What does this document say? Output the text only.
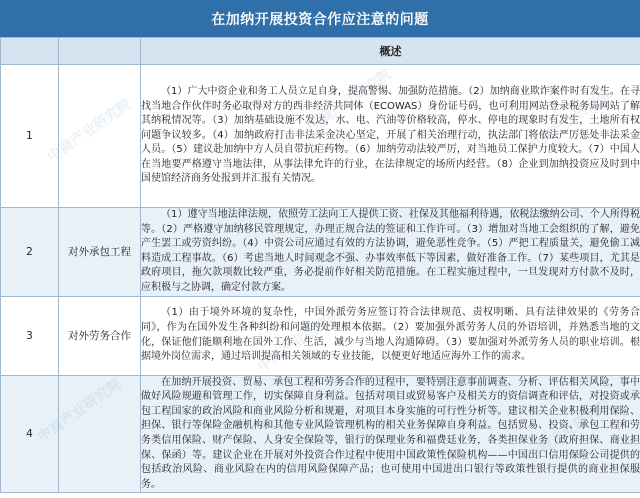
在加纳开展投资合作应注意的问题
		概述
1		（1）广大中资企业和务工人员立足自身，提高警惕、加强防范措施。（2）加纳商业欺诈案件时有发生。在寻找当地合作伙伴时务必取得对方的西非经济共同体（ECOWAS）身份证号码，也可利用网站登录税务局网站了解其纳税情况等。（3）加纳基础设施不发达，水、电、汽油等价格较高，停水、停电的现象时有发生，土地所有权问题争议较多。（4）加纳政府打击非法采金决心坚定，开展了相关治理行动，执法部门将依法严厉惩处非法采金人员。（5）建议赴加纳中方人员自带抗疟药物。（6）加纳劳动法较严厉，对当地员工保护力度较大。（7）中国人在当地要严格遵守当地法律，从事法律允许的行业，在法律规定的场所内经营。（8）企业到加纳投资应及时到中国使馆经济商务处报到并汇报有关情况。
2	对外承包工程	（1）遵守当地法律法规，依照劳工法向工人提供工资、社保及其他福利待遇，依税法缴纳公司、个人所得税等。（2）严格遵守加纳移民管理规定，办理正规合法的签证和工作许可。（3）增加对当地工会组织的了解，避免产生罢工或劳资纠纷。（4）中资公司应通过有效的方法协调，避免恶性竞争。（5）严把工程质量关，避免偷工减料造成工程事故。（6）考虑当地人时间观念不强、办事效率低下等因素，做好准备工作。（7）某些项目，尤其是政府项目，拖欠款项数比较严重，务必提前作好相关防范措施。在工程实施过程中，一旦发现对方付款不及时，应积极与之协调，确定付款方案。
3	对外劳务合作	（1）由于境外环境的复杂性，中国外派劳务应签订符合法律规范、责权明晰、具有法律效果的《劳务合同》，作为在国外发生各种纠纷和问题的处理根本依据。（2）要加强外派劳务人员的外语培训，并熟悉当地的文化，保证他们能顺利地在国外工作、生活，减少与当地人沟通障碍。（3）要加强对外派劳务人员的职业培训。根据境外岗位需求，通过培训提高相关领域的专业技能，以便更好地适应海外工作的需求。
4		在加纳开展投资、贸易、承包工程和劳务合作的过程中，要特别注意事前调查、分析、评估相关风险，事中做好风险规避和管理工作，切实保障自身利益。包括对项目或贸易客户及相关方的资信调查和评估，对投资或承包工程国家的政治风险和商业风险分析和规避，对项目本身实施的可行性分析等。建议相关企业积极利用保险、担保、银行等保险金融机构和其他专业风险管理机构的相关业务保障自身利益。包括贸易、投资、承包工程和劳务类信用保险、财产保险、人身安全保险等，银行的保理业务和福费廷业务，各类担保业务（政府担保、商业担保、保函）等。建议企业在开展对外投资合作过程中使用中国政策性保险机构——中国出口信用保险公司提供的包括政治风险、商业风险在内的信用风险保障产品；也可使用中国进出口银行等政策性银行提供的商业担保服务。
中商产业研究院	中商产业研究院	中商产业研究院
中商产业研究院
